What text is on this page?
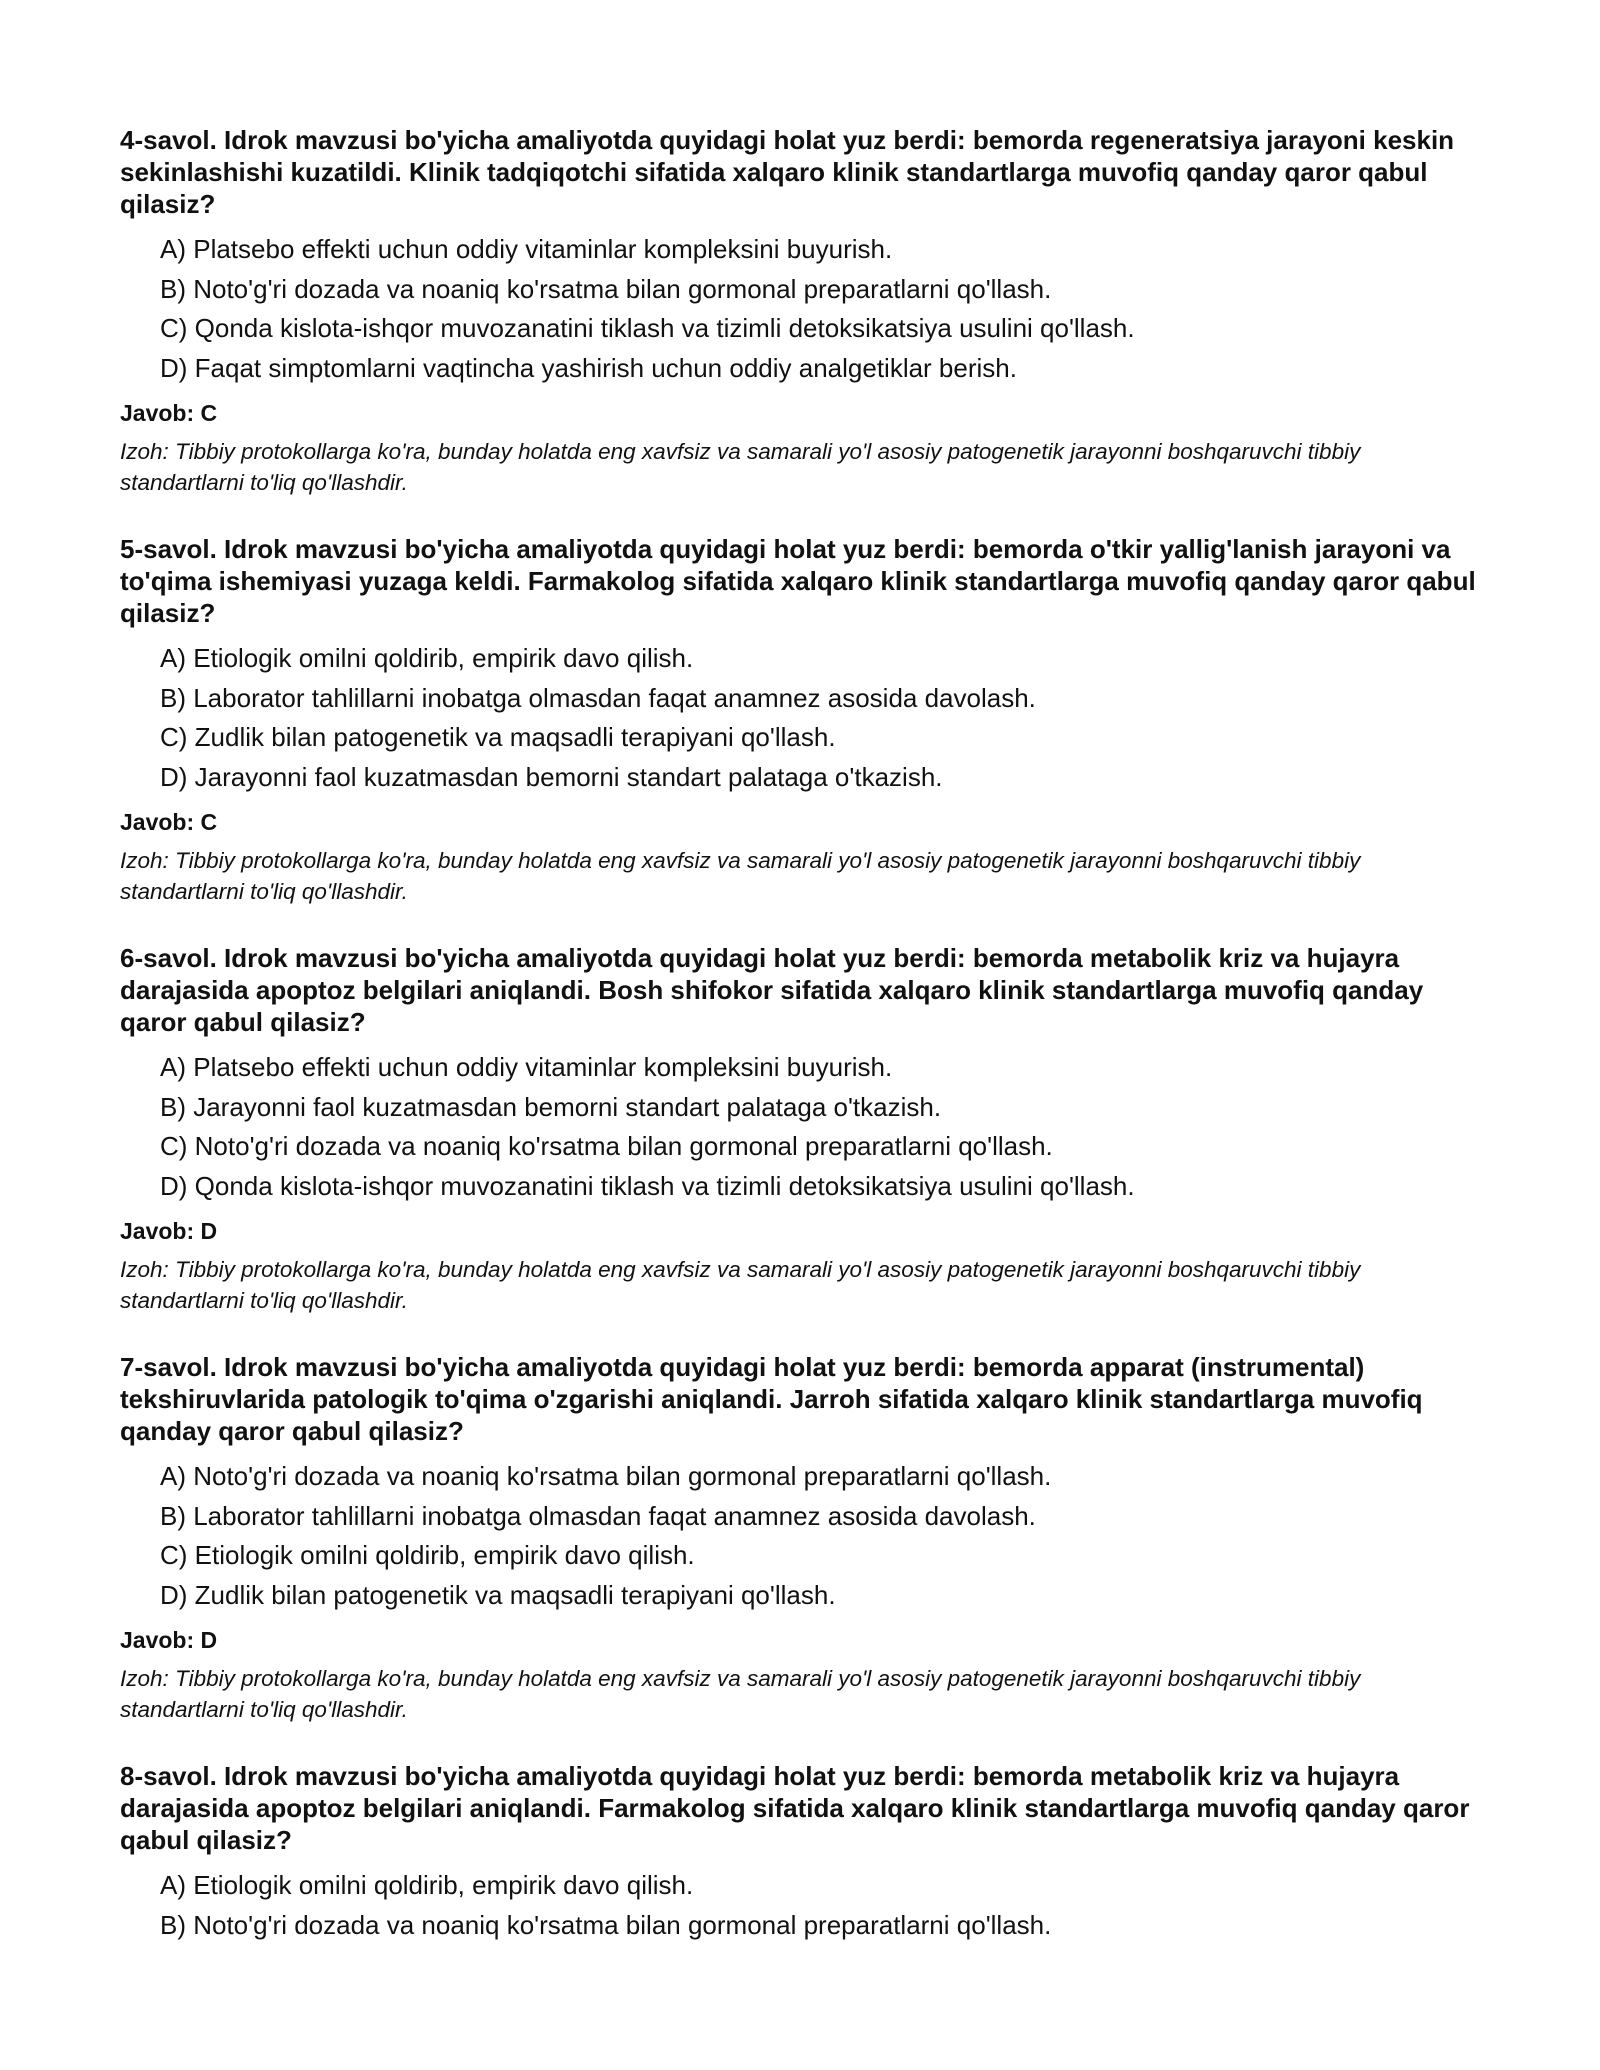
4-savol. Idrok mavzusi bo'yicha amaliyotda quyidagi holat yuz berdi: bemorda regeneratsiya jarayoni keskin sekinlashishi kuzatildi. Klinik tadqiqotchi sifatida xalqaro klinik standartlarga muvofiq qanday qaror qabul qilasiz?
A) Platsebo effekti uchun oddiy vitaminlar kompleksini buyurish.
B) Noto'g'ri dozada va noaniq ko'rsatma bilan gormonal preparatlarni qo'llash.
C) Qonda kislota-ishqor muvozanatini tiklash va tizimli detoksikatsiya usulini qo'llash.
D) Faqat simptomlarni vaqtincha yashirish uchun oddiy analgetiklar berish.
Javob: C
Izoh: Tibbiy protokollarga ko'ra, bunday holatda eng xavfsiz va samarali yo'l asosiy patogenetik jarayonni boshqaruvchi tibbiy standartlarni to'liq qo'llashdir.
5-savol. Idrok mavzusi bo'yicha amaliyotda quyidagi holat yuz berdi: bemorda o'tkir yallig'lanish jarayoni va to'qima ishemiyasi yuzaga keldi. Farmakolog sifatida xalqaro klinik standartlarga muvofiq qanday qaror qabul qilasiz?
A) Etiologik omilni qoldirib, empirik davo qilish.
B) Laborator tahlillarni inobatga olmasdan faqat anamnez asosida davolash.
C) Zudlik bilan patogenetik va maqsadli terapiyani qo'llash.
D) Jarayonni faol kuzatmasdan bemorni standart palataga o'tkazish.
Javob: C
Izoh: Tibbiy protokollarga ko'ra, bunday holatda eng xavfsiz va samarali yo'l asosiy patogenetik jarayonni boshqaruvchi tibbiy standartlarni to'liq qo'llashdir.
6-savol. Idrok mavzusi bo'yicha amaliyotda quyidagi holat yuz berdi: bemorda metabolik kriz va hujayra darajasida apoptoz belgilari aniqlandi. Bosh shifokor sifatida xalqaro klinik standartlarga muvofiq qanday qaror qabul qilasiz?
A) Platsebo effekti uchun oddiy vitaminlar kompleksini buyurish.
B) Jarayonni faol kuzatmasdan bemorni standart palataga o'tkazish.
C) Noto'g'ri dozada va noaniq ko'rsatma bilan gormonal preparatlarni qo'llash.
D) Qonda kislota-ishqor muvozanatini tiklash va tizimli detoksikatsiya usulini qo'llash.
Javob: D
Izoh: Tibbiy protokollarga ko'ra, bunday holatda eng xavfsiz va samarali yo'l asosiy patogenetik jarayonni boshqaruvchi tibbiy standartlarni to'liq qo'llashdir.
7-savol. Idrok mavzusi bo'yicha amaliyotda quyidagi holat yuz berdi: bemorda apparat (instrumental) tekshiruvlarida patologik to'qima o'zgarishi aniqlandi. Jarroh sifatida xalqaro klinik standartlarga muvofiq qanday qaror qabul qilasiz?
A) Noto'g'ri dozada va noaniq ko'rsatma bilan gormonal preparatlarni qo'llash.
B) Laborator tahlillarni inobatga olmasdan faqat anamnez asosida davolash.
C) Etiologik omilni qoldirib, empirik davo qilish.
D) Zudlik bilan patogenetik va maqsadli terapiyani qo'llash.
Javob: D
Izoh: Tibbiy protokollarga ko'ra, bunday holatda eng xavfsiz va samarali yo'l asosiy patogenetik jarayonni boshqaruvchi tibbiy standartlarni to'liq qo'llashdir.
8-savol. Idrok mavzusi bo'yicha amaliyotda quyidagi holat yuz berdi: bemorda metabolik kriz va hujayra darajasida apoptoz belgilari aniqlandi. Farmakolog sifatida xalqaro klinik standartlarga muvofiq qanday qaror qabul qilasiz?
A) Etiologik omilni qoldirib, empirik davo qilish.
B) Noto'g'ri dozada va noaniq ko'rsatma bilan gormonal preparatlarni qo'llash.
